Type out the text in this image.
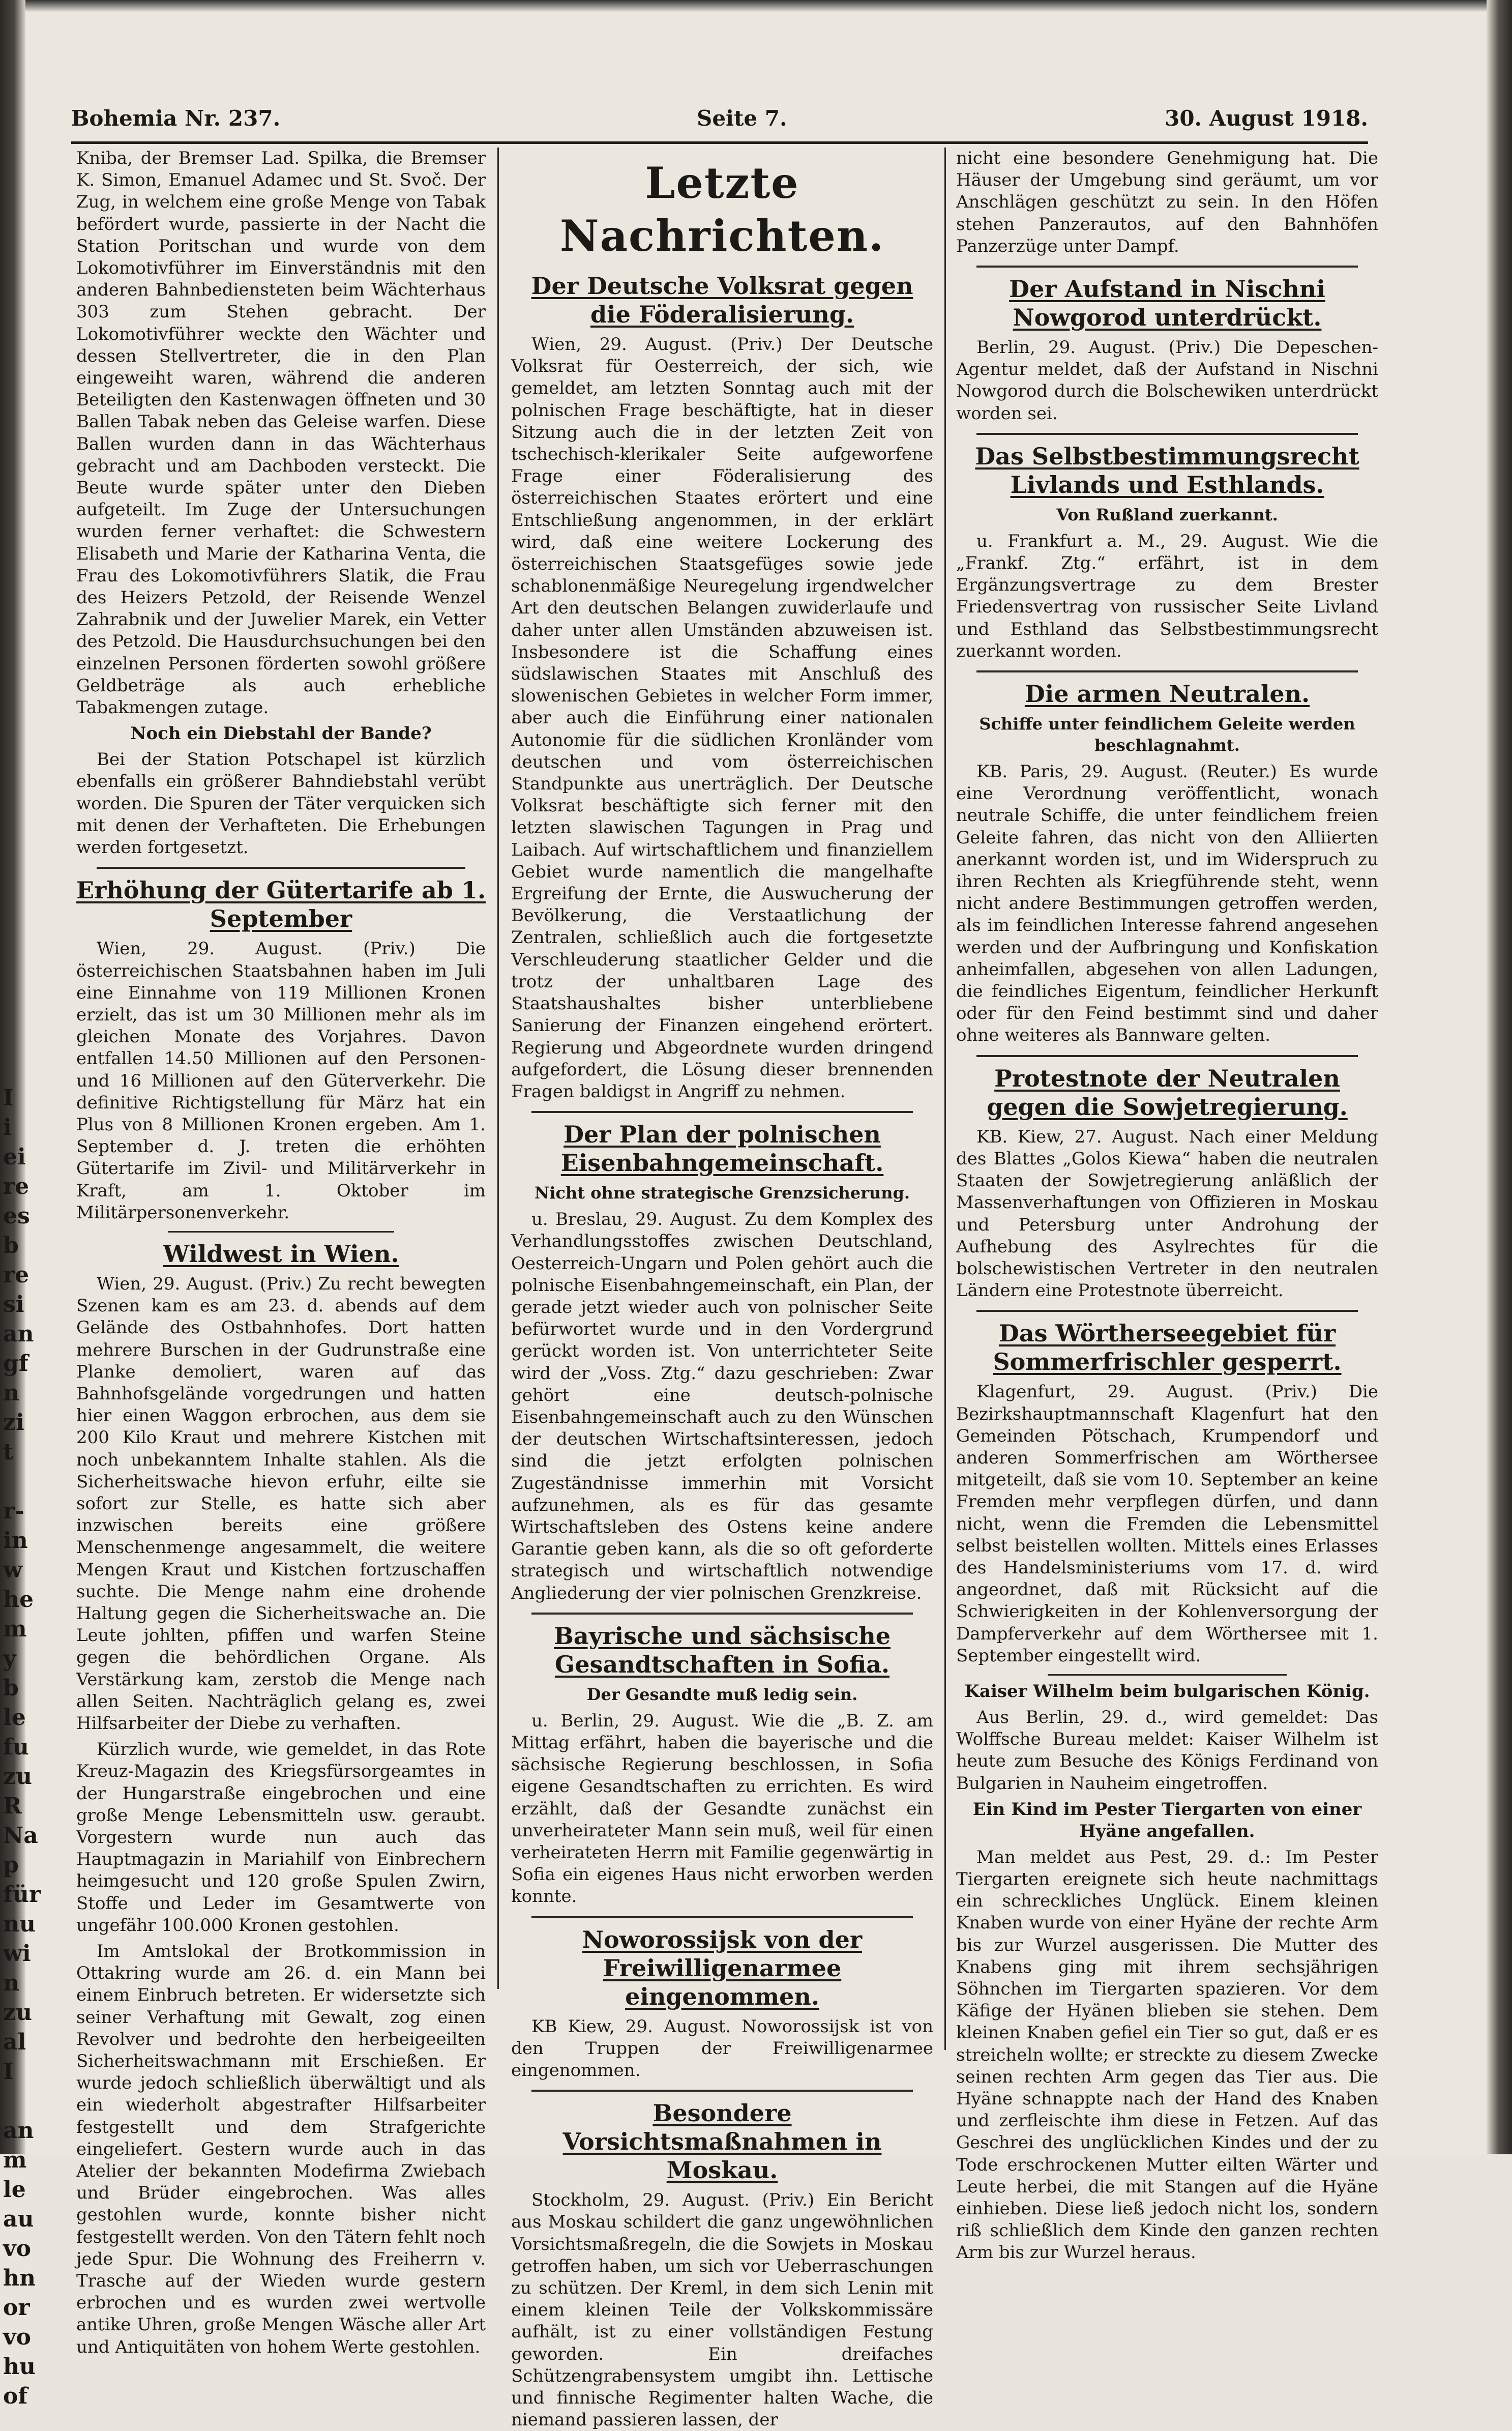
I
i
ei
re
es
b
re
si
an
gf
n
zi
t

r-
in
w
he
m
y
b
le
fu
zu
R
Na
p
für
nu
wi
n
zu
al
I

an
m
le
au
vo
hn
or
vo
hu
of
Bohemia Nr. 237.	Seite 7.	30. August 1918.

Kniba, der Bremser Lad. Spilka, die Bremser K. Simon, Emanuel Adamec und St. Svoč. Der Zug, in welchem eine große Menge von Tabak befördert wurde, passierte in der Nacht die Station Poritschan und wurde von dem Lokomotivführer im Einverständnis mit den anderen Bahnbediensteten beim Wächterhaus 303 zum Stehen gebracht. Der Lokomotivführer weckte den Wächter und dessen Stellvertreter, die in den Plan eingeweiht waren, während die anderen Beteiligten den Kastenwagen öffneten und 30 Ballen Tabak neben das Geleise warfen. Diese Ballen wurden dann in das Wächterhaus gebracht und am Dachboden versteckt. Die Beute wurde später unter den Dieben aufgeteilt. Im Zuge der Untersuchungen wurden ferner verhaftet: die Schwestern Elisabeth und Marie der Katharina Venta, die Frau des Lokomotivführers Slatik, die Frau des Heizers Petzold, der Reisende Wenzel Zahrabnik und der Juwelier Marek, ein Vetter des Petzold. Die Hausdurchsuchungen bei den einzelnen Personen förderten sowohl größere Geldbeträge als auch erhebliche Tabakmengen zutage.

Noch ein Diebstahl der Bande?

Bei der Station Potschapel ist kürzlich ebenfalls ein größerer Bahndiebstahl verübt worden. Die Spuren der Täter verquicken sich mit denen der Verhafteten. Die Erhebungen werden fortgesetzt.

Erhöhung der Gütertarife ab 1. September

Wien, 29. August. (Priv.) Die österreichischen Staatsbahnen haben im Juli eine Einnahme von 119 Millionen Kronen erzielt, das ist um 30 Millionen mehr als im gleichen Monate des Vorjahres. Davon entfallen 14.50 Millionen auf den Personen- und 16 Millionen auf den Güterverkehr. Die definitive Richtigstellung für März hat ein Plus von 8 Millionen Kronen ergeben. Am 1. September d. J. treten die erhöhten Gütertarife im Zivil- und Militärverkehr in Kraft, am 1. Oktober im Militärpersonenverkehr.

Wildwest in Wien.

Wien, 29. August. (Priv.) Zu recht bewegten Szenen kam es am 23. d. abends auf dem Gelände des Ostbahnhofes. Dort hatten mehrere Burschen in der Gudrunstraße eine Planke demoliert, waren auf das Bahnhofsgelände vorgedrungen und hatten hier einen Waggon erbrochen, aus dem sie 200 Kilo Kraut und mehrere Kistchen mit noch unbekanntem Inhalte stahlen. Als die Sicherheitswache hievon erfuhr, eilte sie sofort zur Stelle, es hatte sich aber inzwischen bereits eine größere Menschenmenge angesammelt, die weitere Mengen Kraut und Kistchen fortzuschaffen suchte. Die Menge nahm eine drohende Haltung gegen die Sicherheitswache an. Die Leute johlten, pfiffen und warfen Steine gegen die behördlichen Organe. Als Verstärkung kam, zerstob die Menge nach allen Seiten. Nachträglich gelang es, zwei Hilfsarbeiter der Diebe zu verhaften.

Kürzlich wurde, wie gemeldet, in das Rote Kreuz-Magazin des Kriegsfürsorgeamtes in der Hungarstraße eingebrochen und eine große Menge Lebensmitteln usw. geraubt. Vorgestern wurde nun auch das Hauptmagazin in Mariahilf von Einbrechern heimgesucht und 120 große Spulen Zwirn, Stoffe und Leder im Gesamtwerte von ungefähr 100.000 Kronen gestohlen.

Im Amtslokal der Brotkommission in Ottakring wurde am 26. d. ein Mann bei einem Einbruch betreten. Er widersetzte sich seiner Verhaftung mit Gewalt, zog einen Revolver und bedrohte den herbeigeeilten Sicherheitswachmann mit Erschießen. Er wurde jedoch schließlich überwältigt und als ein wiederholt abgestrafter Hilfsarbeiter festgestellt und dem Strafgerichte eingeliefert. Gestern wurde auch in das Atelier der bekannten Modefirma Zwiebach und Brüder eingebrochen. Was alles gestohlen wurde, konnte bisher nicht festgestellt werden. Von den Tätern fehlt noch jede Spur. Die Wohnung des Freiherrn v. Trasche auf der Wieden wurde gestern erbrochen und es wurden zwei wertvolle antike Uhren, große Mengen Wäsche aller Art und Antiquitäten von hohem Werte gestohlen.

Letzte Nachrichten.
Der Deutsche Volksrat gegen die Föderalisierung.

Wien, 29. August. (Priv.) Der Deutsche Volksrat für Oesterreich, der sich, wie gemeldet, am letzten Sonntag auch mit der polnischen Frage beschäftigte, hat in dieser Sitzung auch die in der letzten Zeit von tschechisch-klerikaler Seite aufgeworfene Frage einer Föderalisierung des österreichischen Staates erörtert und eine Entschließung angenommen, in der erklärt wird, daß eine weitere Lockerung des österreichischen Staatsgefüges sowie jede schablonenmäßige Neuregelung irgendwelcher Art den deutschen Belangen zuwiderlaufe und daher unter allen Umständen abzuweisen ist. Insbesondere ist die Schaffung eines südslawischen Staates mit Anschluß des slowenischen Gebietes in welcher Form immer, aber auch die Einführung einer nationalen Autonomie für die südlichen Kronländer vom deutschen und vom österreichischen Standpunkte aus unerträglich. Der Deutsche Volksrat beschäftigte sich ferner mit den letzten slawischen Tagungen in Prag und Laibach. Auf wirtschaftlichem und finanziellem Gebiet wurde namentlich die mangelhafte Ergreifung der Ernte, die Auswucherung der Bevölkerung, die Verstaatlichung der Zentralen, schließlich auch die fortgesetzte Verschleuderung staatlicher Gelder und die trotz der unhaltbaren Lage des Staatshaushaltes bisher unterbliebene Sanierung der Finanzen eingehend erörtert. Regierung und Abgeordnete wurden dringend aufgefordert, die Lösung dieser brennenden Fragen baldigst in Angriff zu nehmen.

Der Plan der polnischen Eisenbahngemeinschaft.
Nicht ohne strategische Grenzsicherung.

u. Breslau, 29. August. Zu dem Komplex des Verhandlungsstoffes zwischen Deutschland, Oesterreich-Ungarn und Polen gehört auch die polnische Eisenbahngemeinschaft, ein Plan, der gerade jetzt wieder auch von polnischer Seite befürwortet wurde und in den Vordergrund gerückt worden ist. Von unterrichteter Seite wird der „Voss. Ztg.“ dazu geschrieben: Zwar gehört eine deutsch-polnische Eisenbahngemeinschaft auch zu den Wünschen der deutschen Wirtschaftsinteressen, jedoch sind die jetzt erfolgten polnischen Zugeständnisse immerhin mit Vorsicht aufzunehmen, als es für das gesamte Wirtschaftsleben des Ostens keine andere Garantie geben kann, als die so oft geforderte strategisch und wirtschaftlich notwendige Angliederung der vier polnischen Grenzkreise.

Bayrische und sächsische Gesandtschaften in Sofia.
Der Gesandte muß ledig sein.

u. Berlin, 29. August. Wie die „B. Z. am Mittag erfährt, haben die bayerische und die sächsische Regierung beschlossen, in Sofia eigene Gesandtschaften zu errichten. Es wird erzählt, daß der Gesandte zunächst ein unverheirateter Mann sein muß, weil für einen verheirateten Herrn mit Familie gegenwärtig in Sofia ein eigenes Haus nicht erworben werden konnte.

Noworossijsk von der Freiwilligenarmee eingenommen.

KB Kiew, 29. August. Noworossijsk ist von den Truppen der Freiwilligenarmee eingenommen.

Besondere Vorsichtsmaßnahmen in Moskau.

Stockholm, 29. August. (Priv.) Ein Bericht aus Moskau schildert die ganz ungewöhnlichen Vorsichtsmaßregeln, die die Sowjets in Moskau getroffen haben, um sich vor Ueberraschungen zu schützen. Der Kreml, in dem sich Lenin mit einem kleinen Teile der Volkskommissäre aufhält, ist zu einer vollständigen Festung geworden. Ein dreifaches Schützengrabensystem umgibt ihn. Lettische und finnische Regimenter halten Wache, die niemand passieren lassen, der

nicht eine besondere Genehmigung hat. Die Häuser der Umgebung sind geräumt, um vor Anschlägen geschützt zu sein. In den Höfen stehen Panzerautos, auf den Bahnhöfen Panzerzüge unter Dampf.

Der Aufstand in Nischni Nowgorod unterdrückt.

Berlin, 29. August. (Priv.) Die Depeschen-Agentur meldet, daß der Aufstand in Nischni Nowgorod durch die Bolschewiken unterdrückt worden sei.

Das Selbstbestimmungsrecht Livlands und Esthlands.
Von Rußland zuerkannt.

u. Frankfurt a. M., 29. August. Wie die „Frankf. Ztg.“ erfährt, ist in dem Ergänzungsvertrage zu dem Brester Friedensvertrag von russischer Seite Livland und Esthland das Selbstbestimmungsrecht zuerkannt worden.

Die armen Neutralen.
Schiffe unter feindlichem Geleite werden beschlagnahmt.

KB. Paris, 29. August. (Reuter.) Es wurde eine Verordnung veröffentlicht, wonach neutrale Schiffe, die unter feindlichem freien Geleite fahren, das nicht von den Alliierten anerkannt worden ist, und im Widerspruch zu ihren Rechten als Kriegführende steht, wenn nicht andere Bestimmungen getroffen werden, als im feindlichen Interesse fahrend angesehen werden und der Aufbringung und Konfiskation anheimfallen, abgesehen von allen Ladungen, die feindliches Eigentum, feindlicher Herkunft oder für den Feind bestimmt sind und daher ohne weiteres als Bannware gelten.

Protestnote der Neutralen gegen die Sowjetregierung.

KB. Kiew, 27. August. Nach einer Meldung des Blattes „Golos Kiewa“ haben die neutralen Staaten der Sowjetregierung anläßlich der Massenverhaftungen von Offizieren in Moskau und Petersburg unter Androhung der Aufhebung des Asylrechtes für die bolschewistischen Vertreter in den neutralen Ländern eine Protestnote überreicht.

Das Wörtherseegebiet für Sommerfrischler gesperrt.

Klagenfurt, 29. August. (Priv.) Die Bezirkshauptmannschaft Klagenfurt hat den Gemeinden Pötschach, Krumpendorf und anderen Sommerfrischen am Wörthersee mitgeteilt, daß sie vom 10. September an keine Fremden mehr verpflegen dürfen, und dann nicht, wenn die Fremden die Lebensmittel selbst beistellen wollten. Mittels eines Erlasses des Handelsministeriums vom 17. d. wird angeordnet, daß mit Rücksicht auf die Schwierigkeiten in der Kohlenversorgung der Dampferverkehr auf dem Wörthersee mit 1. September eingestellt wird.

Kaiser Wilhelm beim bulgarischen König.

Aus Berlin, 29. d., wird gemeldet: Das Wolffsche Bureau meldet: Kaiser Wilhelm ist heute zum Besuche des Königs Ferdinand von Bulgarien in Nauheim eingetroffen.

Ein Kind im Pester Tiergarten von einer Hyäne angefallen.

Man meldet aus Pest, 29. d.: Im Pester Tiergarten ereignete sich heute nachmittags ein schreckliches Unglück. Einem kleinen Knaben wurde von einer Hyäne der rechte Arm bis zur Wurzel ausgerissen. Die Mutter des Knabens ging mit ihrem sechsjährigen Söhnchen im Tiergarten spazieren. Vor dem Käfige der Hyänen blieben sie stehen. Dem kleinen Knaben gefiel ein Tier so gut, daß er es streicheln wollte; er streckte zu diesem Zwecke seinen rechten Arm gegen das Tier aus. Die Hyäne schnappte nach der Hand des Knaben und zerfleischte ihm diese in Fetzen. Auf das Geschrei des unglücklichen Kindes und der zu Tode erschrockenen Mutter eilten Wärter und Leute herbei, die mit Stangen auf die Hyäne einhieben. Diese ließ jedoch nicht los, sondern riß schließlich dem Kinde den ganzen rechten Arm bis zur Wurzel heraus.
